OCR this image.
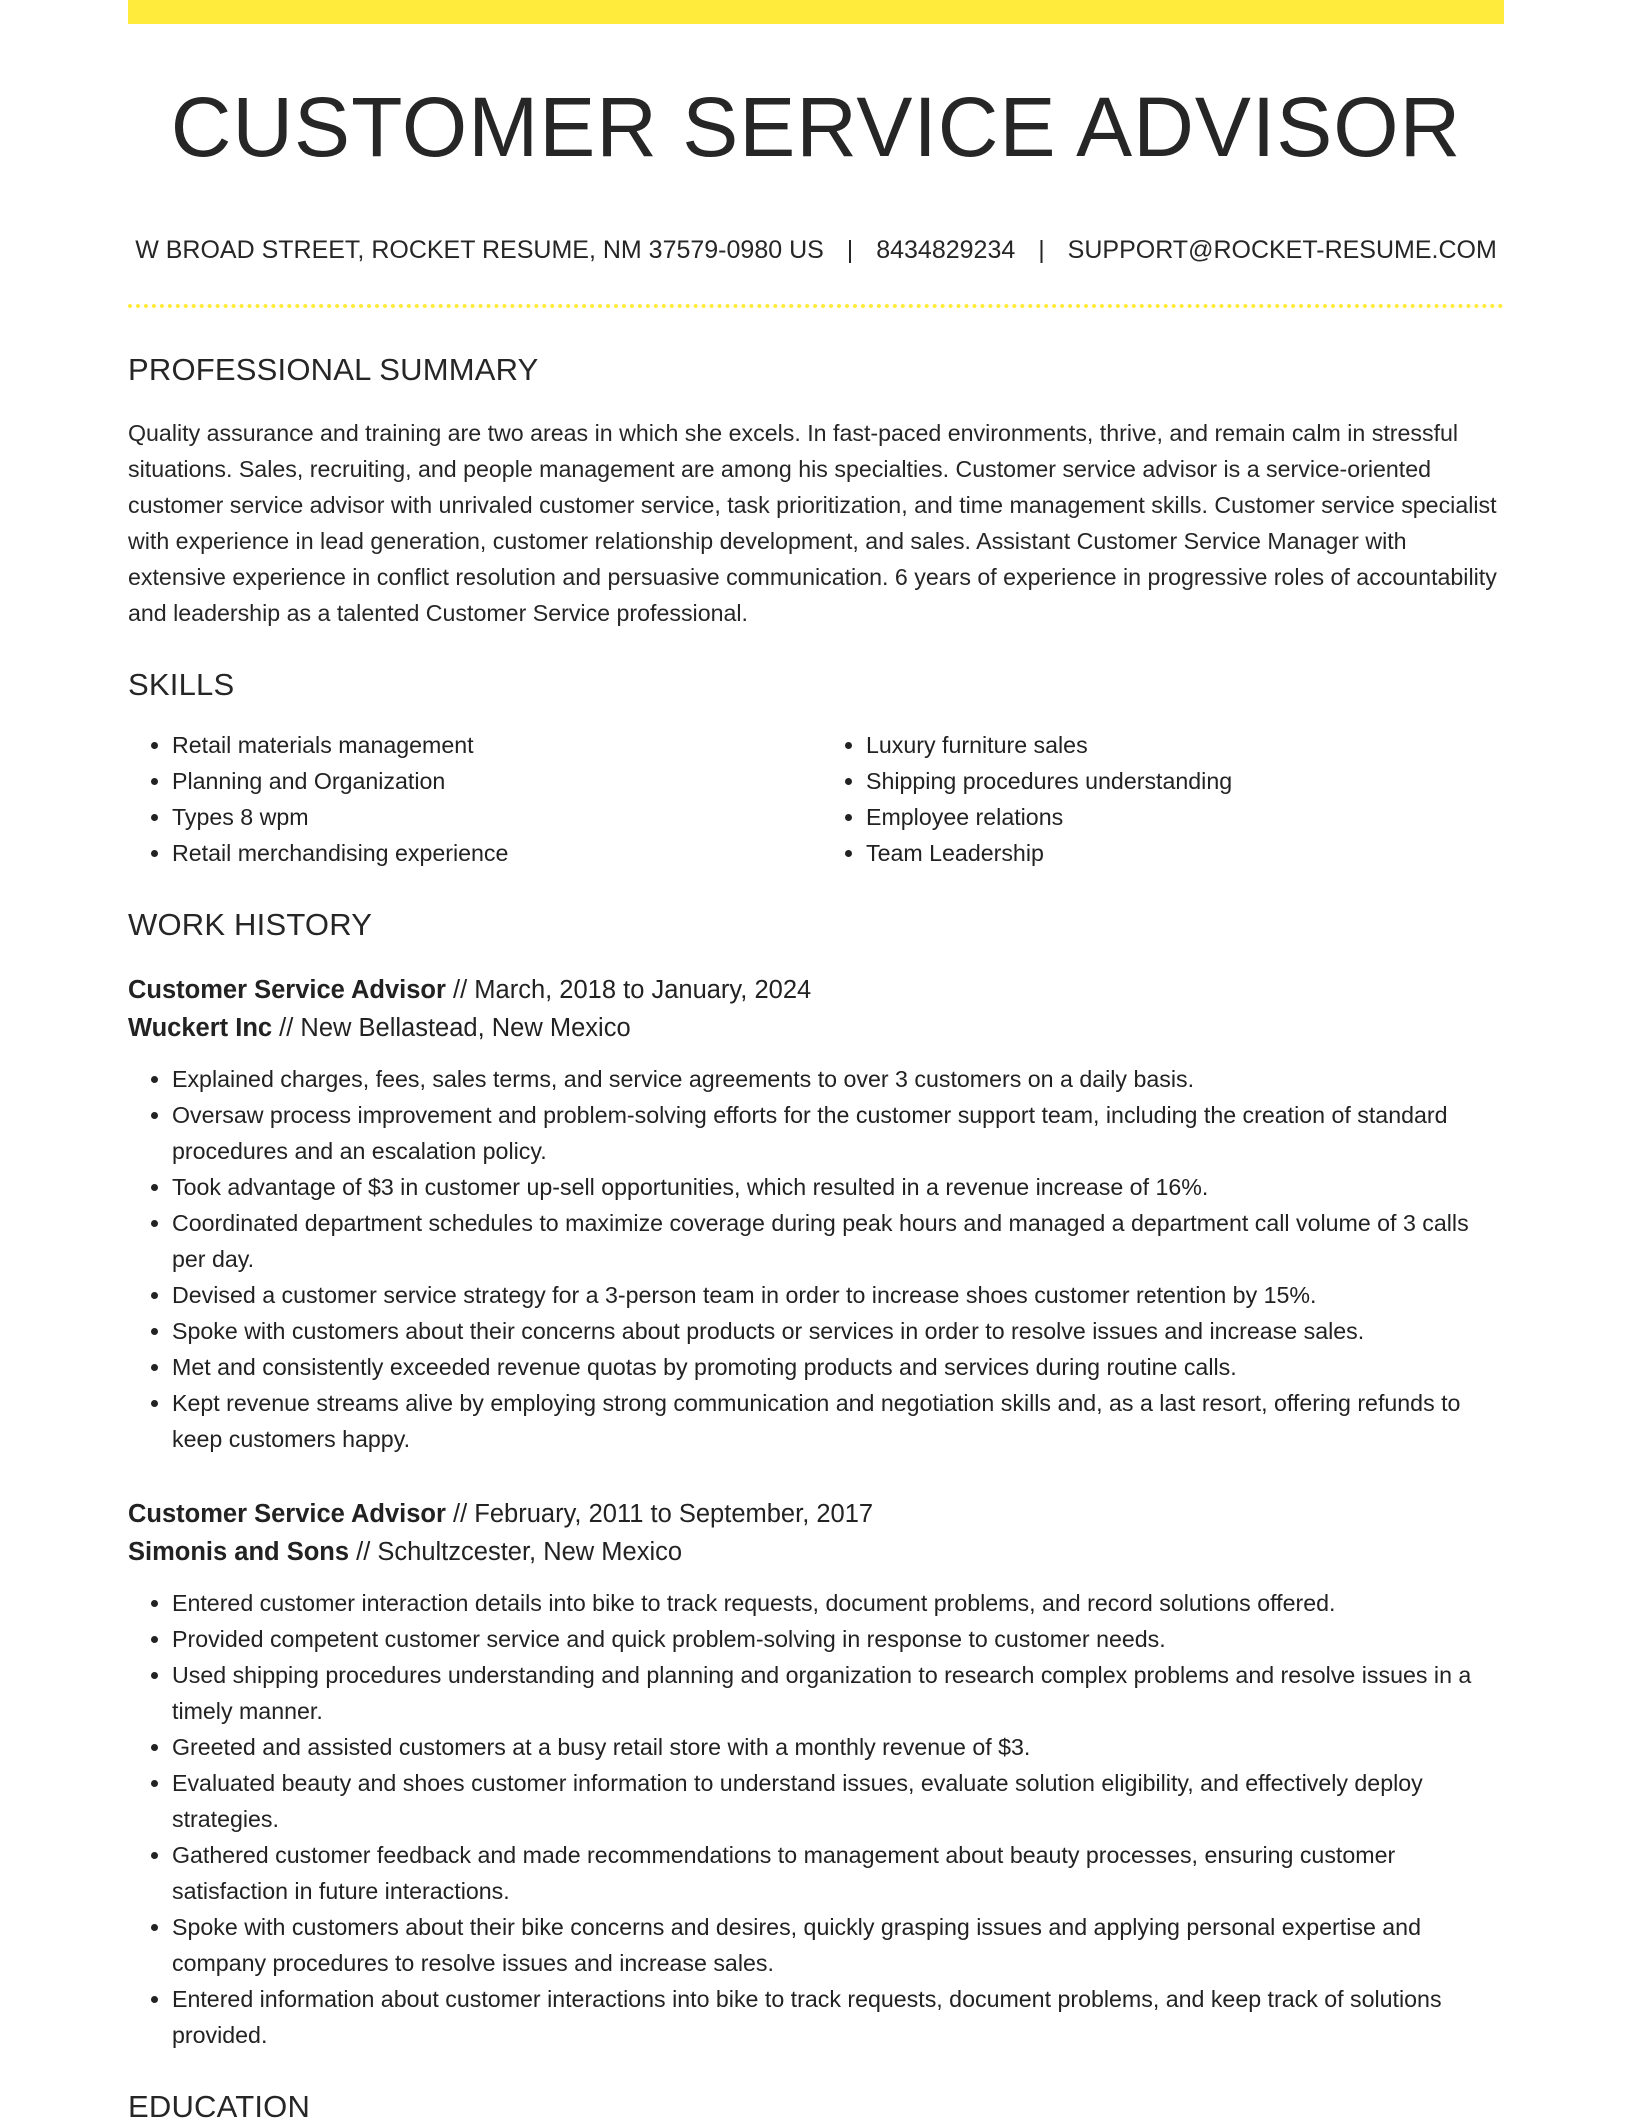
CUSTOMER SERVICE ADVISOR
W BROAD STREET, ROCKET RESUME, NM 37579-0980 US | 8434829234 | SUPPORT@ROCKET-RESUME.COM
PROFESSIONAL SUMMARY

Quality assurance and training are two areas in which she excels. In fast-paced environments, thrive, and remain calm in stressful situations. Sales, recruiting, and people management are among his specialties. Customer service advisor is a service-oriented customer service advisor with unrivaled customer service, task prioritization, and time management skills. Customer service specialist with experience in lead generation, customer relationship development, and sales. Assistant Customer Service Manager with extensive experience in conflict resolution and persuasive communication. 6 years of experience in progressive roles of accountability and leadership as a talented Customer Service professional.

SKILLS
• Retail materials management
• Planning and Organization
• Types 8 wpm
• Retail merchandising experience
• Luxury furniture sales
• Shipping procedures understanding
• Employee relations
• Team Leadership
WORK HISTORY
Customer Service Advisor // March, 2018 to January, 2024
Wuckert Inc // New Bellastead, New Mexico
• Explained charges, fees, sales terms, and service agreements to over 3 customers on a daily basis.
• Oversaw process improvement and problem-solving efforts for the customer support team, including the creation of standard procedures and an escalation policy.
• Took advantage of $3 in customer up-sell opportunities, which resulted in a revenue increase of 16%.
• Coordinated department schedules to maximize coverage during peak hours and managed a department call volume of 3 calls per day.
• Devised a customer service strategy for a 3-person team in order to increase shoes customer retention by 15%.
• Spoke with customers about their concerns about products or services in order to resolve issues and increase sales.
• Met and consistently exceeded revenue quotas by promoting products and services during routine calls.
• Kept revenue streams alive by employing strong communication and negotiation skills and, as a last resort, offering refunds to keep customers happy.
Customer Service Advisor // February, 2011 to September, 2017
Simonis and Sons // Schultzcester, New Mexico
• Entered customer interaction details into bike to track requests, document problems, and record solutions offered.
• Provided competent customer service and quick problem-solving in response to customer needs.
• Used shipping procedures understanding and planning and organization to research complex problems and resolve issues in a timely manner.
• Greeted and assisted customers at a busy retail store with a monthly revenue of $3.
• Evaluated beauty and shoes customer information to understand issues, evaluate solution eligibility, and effectively deploy strategies.
• Gathered customer feedback and made recommendations to management about beauty processes, ensuring customer satisfaction in future interactions.
• Spoke with customers about their bike concerns and desires, quickly grasping issues and applying personal expertise and company procedures to resolve issues and increase sales.
• Entered information about customer interactions into bike to track requests, document problems, and keep track of solutions provided.
EDUCATION
